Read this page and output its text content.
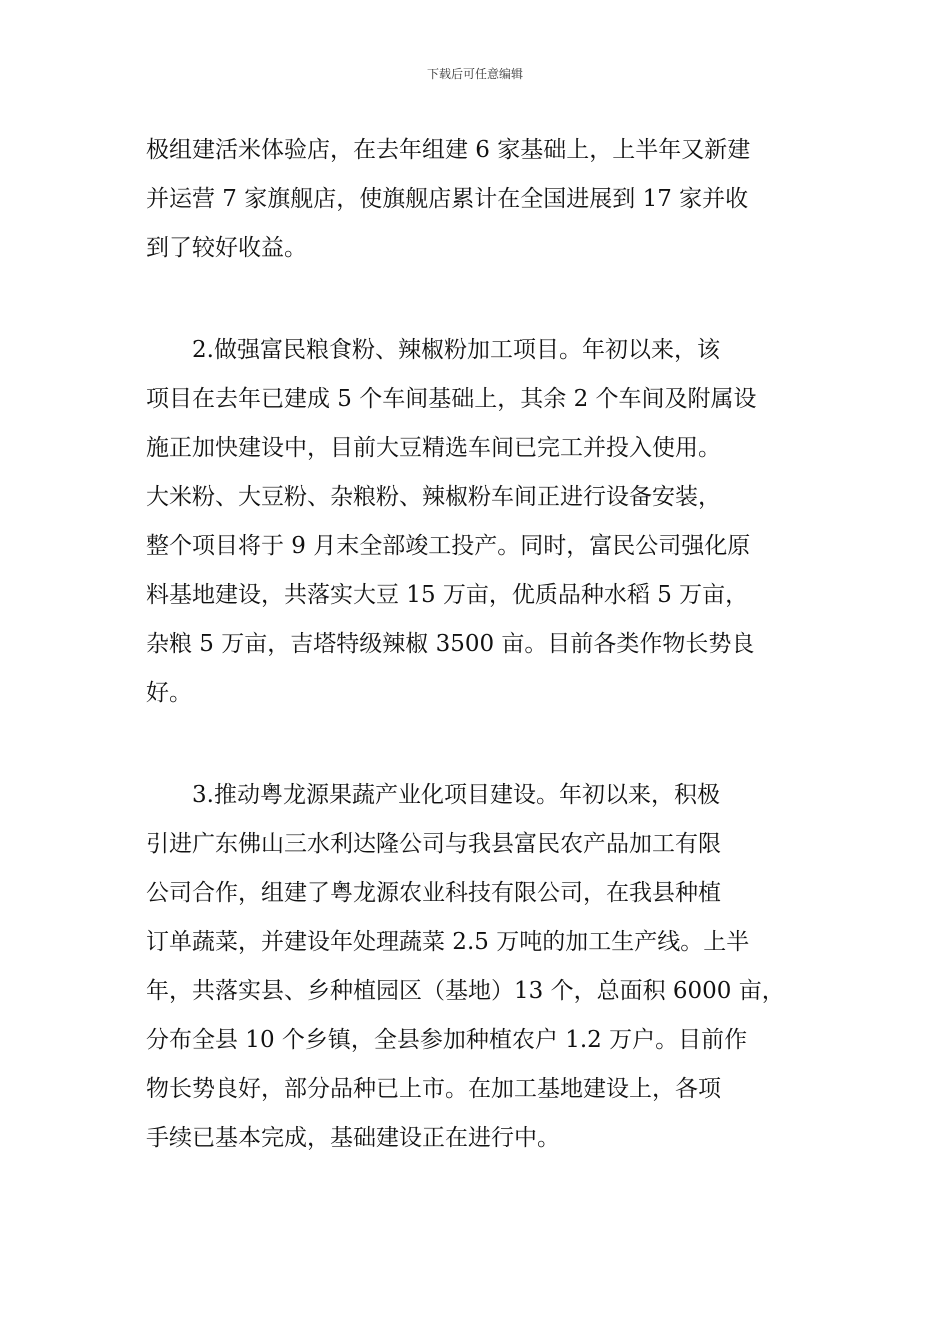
下载后可任意编辑
极组建活米体验店，在去年组建 6 家基础上，上半年又新建
并运营 7 家旗舰店，使旗舰店累计在全国进展到 17 家并收
到了较好收益。
　　2.做强富民粮食粉、辣椒粉加工项目。年初以来，该
项目在去年已建成 5 个车间基础上，其余 2 个车间及附属设
施正加快建设中，目前大豆精选车间已完工并投入使用。
大米粉、大豆粉、杂粮粉、辣椒粉车间正进行设备安装，
整个项目将于 9 月末全部竣工投产。同时，富民公司强化原
料基地建设，共落实大豆 15 万亩，优质品种水稻 5 万亩，
杂粮 5 万亩，吉塔特级辣椒 3500 亩。目前各类作物长势良
好。
　　3.推动粤龙源果蔬产业化项目建设。年初以来，积极
引进广东佛山三水利达隆公司与我县富民农产品加工有限
公司合作，组建了粤龙源农业科技有限公司，在我县种植
订单蔬菜，并建设年处理蔬菜 2.5 万吨的加工生产线。上半
年，共落实县、乡种植园区（基地）13 个，总面积 6000 亩，
分布全县 10 个乡镇，全县参加种植农户 1.2 万户。目前作
物长势良好，部分品种已上市。在加工基地建设上，各项
手续已基本完成，基础建设正在进行中。
